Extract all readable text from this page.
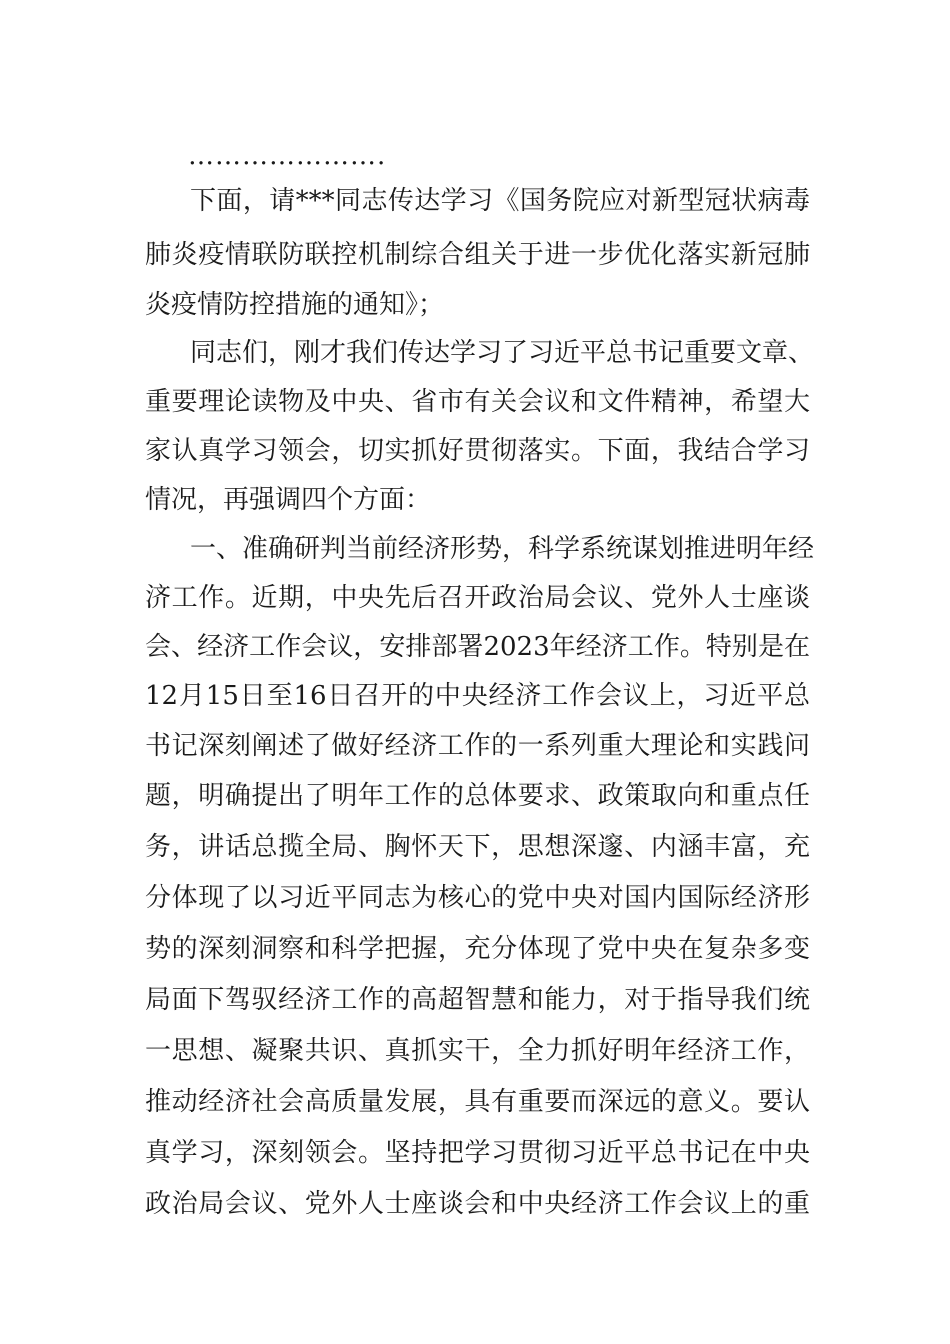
………………….
下面，请***同志传达学习《国务院应对新型冠状病毒
肺炎疫情联防联控机制综合组关于进一步优化落实新冠肺
炎疫情防控措施的通知》；
同志们，刚才我们传达学习了习近平总书记重要文章、
重要理论读物及中央、省市有关会议和文件精神，希望大
家认真学习领会，切实抓好贯彻落实。下面，我结合学习
情况，再强调四个方面：
一、准确研判当前经济形势，科学系统谋划推进明年经
济工作。近期，中央先后召开政治局会议、党外人士座谈
会、经济工作会议，安排部署2023年经济工作。特别是在
12月15日至16日召开的中央经济工作会议上，习近平总
书记深刻阐述了做好经济工作的一系列重大理论和实践问
题，明确提出了明年工作的总体要求、政策取向和重点任
务，讲话总揽全局、胸怀天下，思想深邃、内涵丰富，充
分体现了以习近平同志为核心的党中央对国内国际经济形
势的深刻洞察和科学把握，充分体现了党中央在复杂多变
局面下驾驭经济工作的高超智慧和能力，对于指导我们统
一思想、凝聚共识、真抓实干，全力抓好明年经济工作，
推动经济社会高质量发展，具有重要而深远的意义。要认
真学习，深刻领会。坚持把学习贯彻习近平总书记在中央
政治局会议、党外人士座谈会和中央经济工作会议上的重
